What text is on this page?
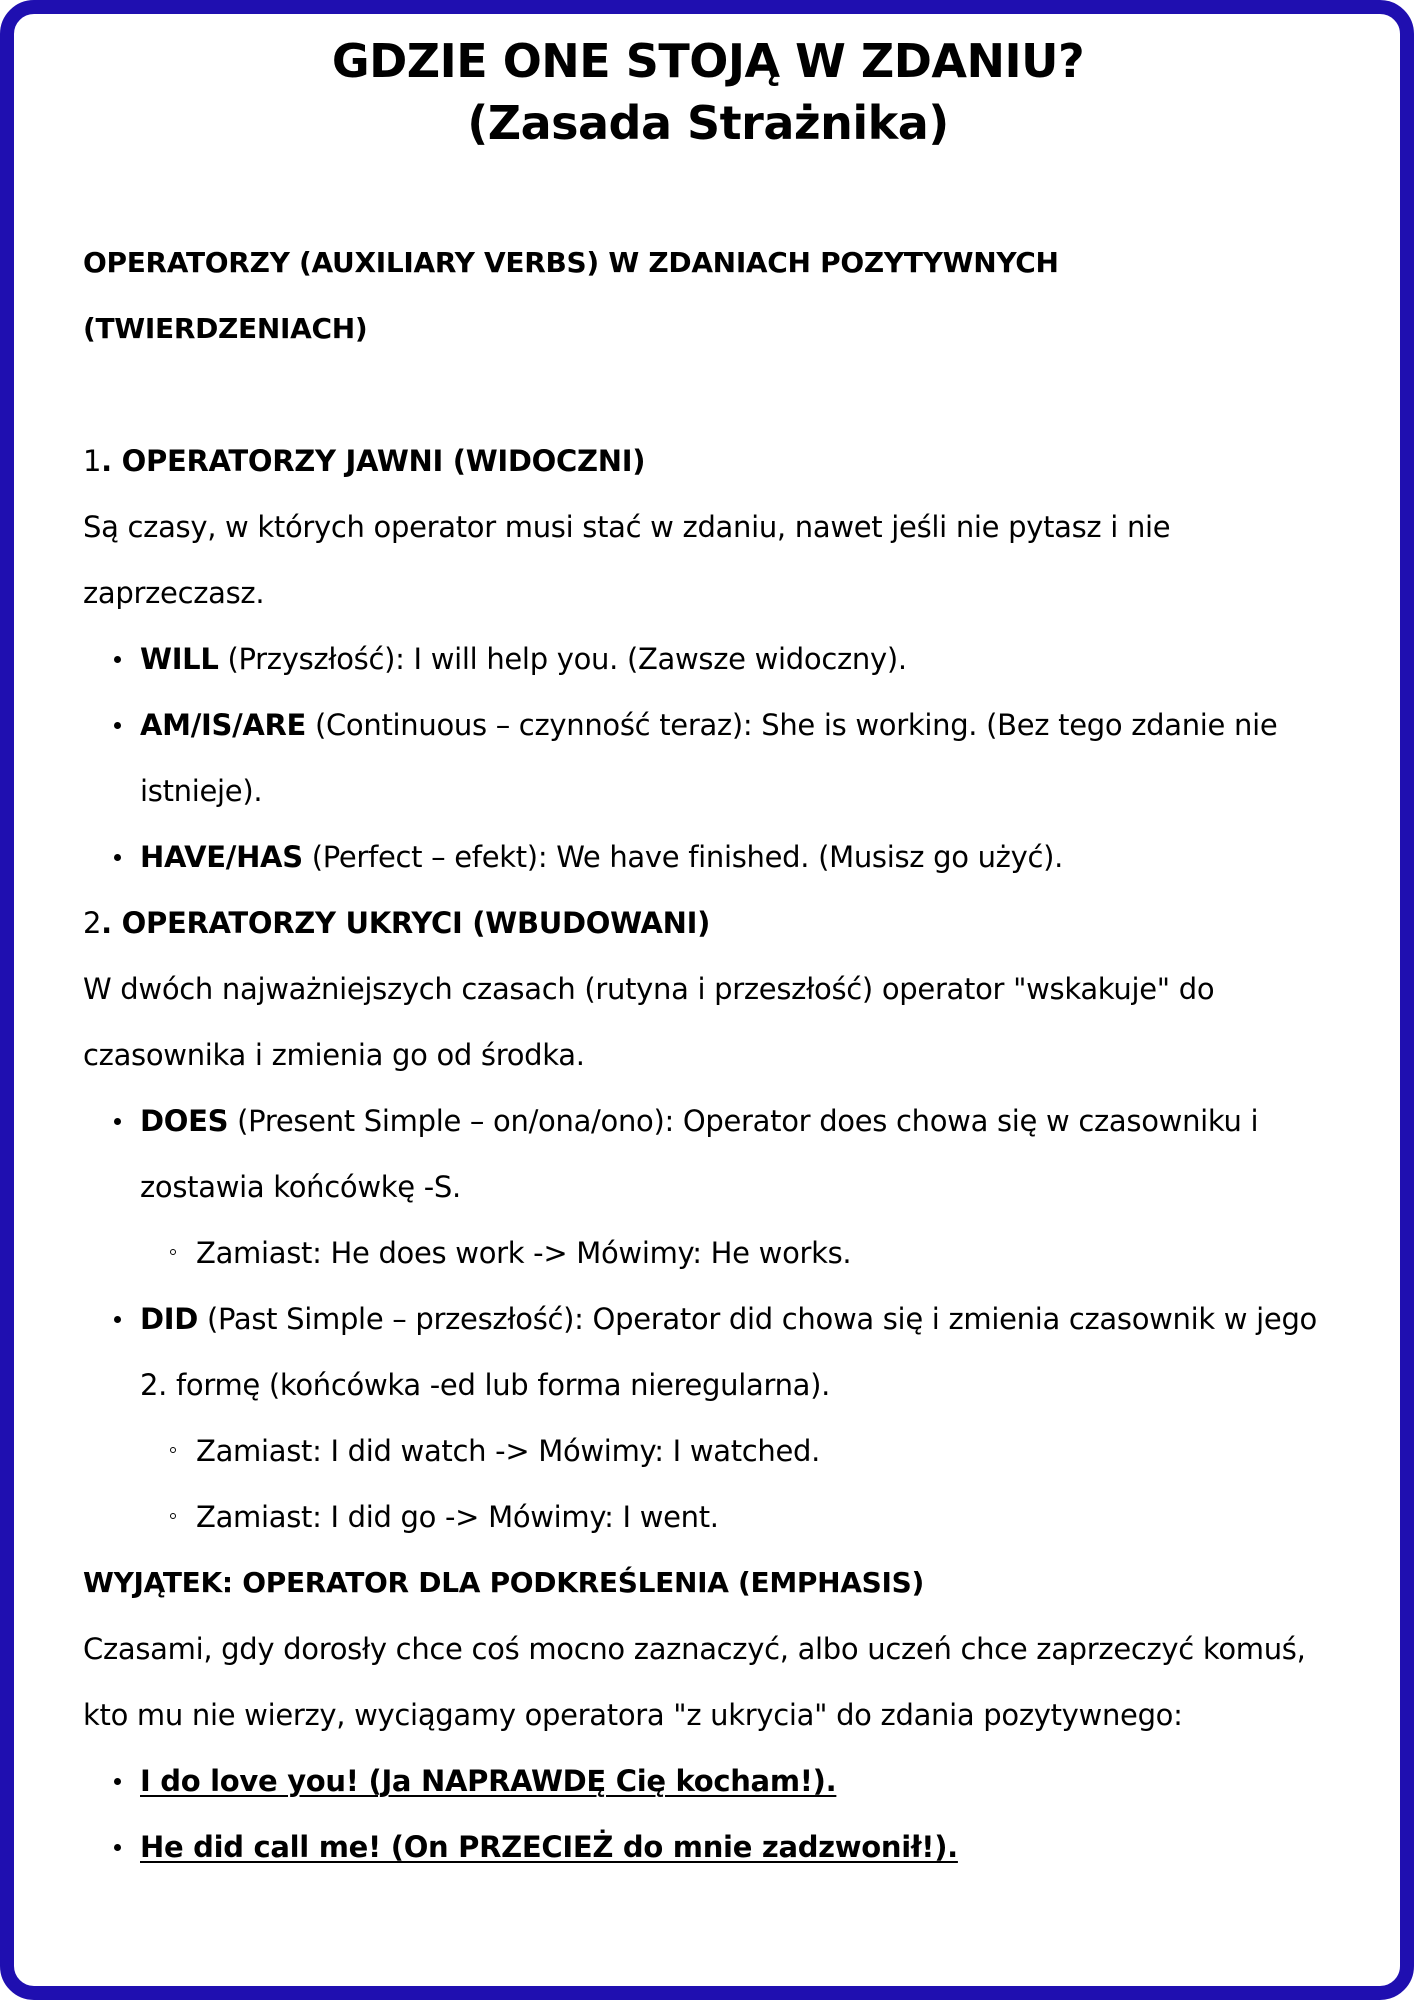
GDZIE ONE STOJĄ W ZDANIU?
(Zasada Strażnika)
OPERATORZY (AUXILIARY VERBS) W ZDANIACH POZYTYWNYCH
(TWIERDZENIACH)
1. OPERATORZY JAWNI (WIDOCZNI)

Są czasy, w których operator musi stać w zdaniu, nawet jeśli nie pytasz i nie zaprzeczasz.

WILL (Przyszłość): I will help you. (Zawsze widoczny).
AM/IS/ARE (Continuous – czynność teraz): She is working. (Bez tego zdanie nie istnieje).
HAVE/HAS (Perfect – efekt): We have finished. (Musisz go użyć).
2. OPERATORZY UKRYCI (WBUDOWANI)

W dwóch najważniejszych czasach (rutyna i przeszłość) operator "wskakuje" do czasownika i zmienia go od środka.

DOES (Present Simple – on/ona/ono): Operator does chowa się w czasowniku i zostawia końcówkę -S.
Zamiast: He does work -> Mówimy: He works.
DID (Past Simple – przeszłość): Operator did chowa się i zmienia czasownik w jego 2. formę (końcówka -ed lub forma nieregularna).
Zamiast: I did watch -> Mówimy: I watched.
Zamiast: I did go -> Mówimy: I went.
WYJĄTEK: OPERATOR DLA PODKREŚLENIA (EMPHASIS)

Czasami, gdy dorosły chce coś mocno zaznaczyć, albo uczeń chce zaprzeczyć komuś, kto mu nie wierzy, wyciągamy operatora "z ukrycia" do zdania pozytywnego:

I do love you! (Ja NAPRAWDĘ Cię kocham!).
He did call me! (On PRZECIEŻ do mnie zadzwonił!).
